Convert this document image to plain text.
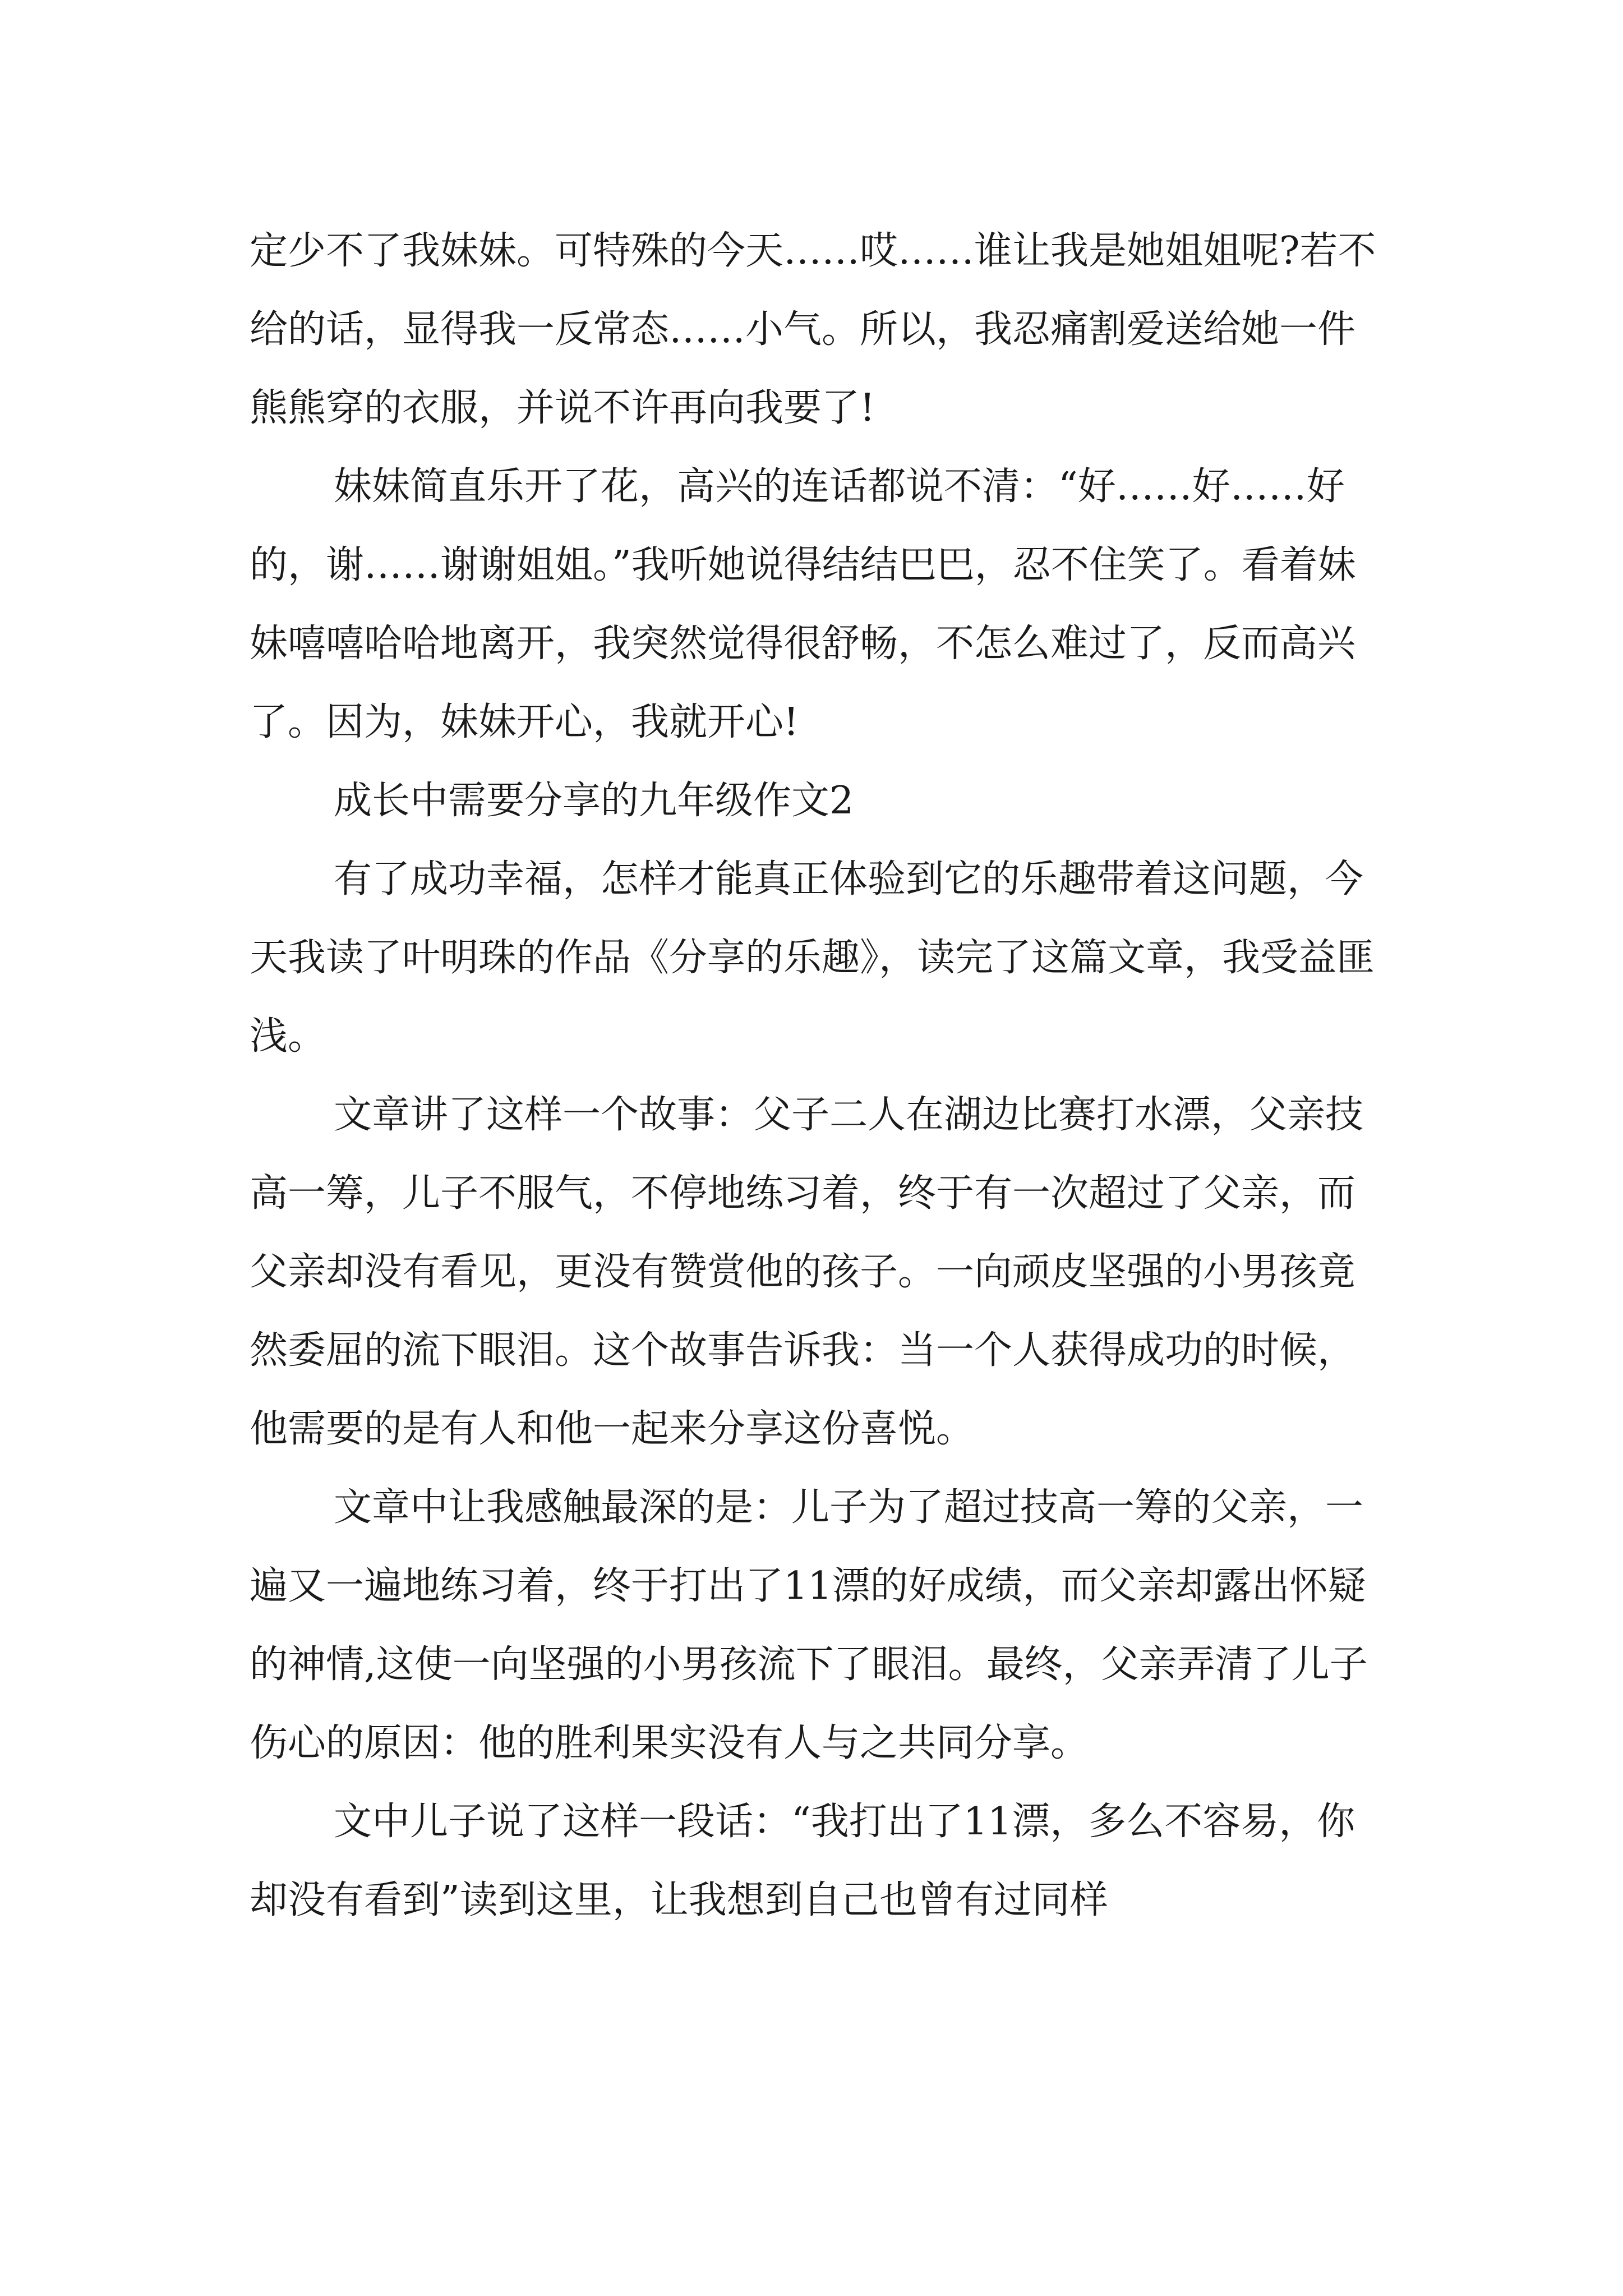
定少不了我妹妹。可特殊的今天……哎……谁让我是她姐姐呢?若不给的话，显得我一反常态……小气。所以，我忍痛割爱送给她一件熊熊穿的衣服，并说不许再向我要了!

妹妹简直乐开了花，高兴的连话都说不清：“好……好……好的，谢……谢谢姐姐。”我听她说得结结巴巴，忍不住笑了。看着妹妹嘻嘻哈哈地离开，我突然觉得很舒畅，不怎么难过了，反而高兴了。因为，妹妹开心，我就开心!

成长中需要分享的九年级作文2

有了成功幸福，怎样才能真正体验到它的乐趣带着这问题，今天我读了叶明珠的作品《分享的乐趣》，读完了这篇文章，我受益匪浅。

文章讲了这样一个故事：父子二人在湖边比赛打水漂，父亲技高一筹，儿子不服气，不停地练习着，终于有一次超过了父亲，而父亲却没有看见，更没有赞赏他的孩子。一向顽皮坚强的小男孩竟然委屈的流下眼泪。这个故事告诉我：当一个人获得成功的时候，他需要的是有人和他一起来分享这份喜悦。

文章中让我感触最深的是：儿子为了超过技高一筹的父亲，一遍又一遍地练习着，终于打出了11漂的好成绩，而父亲却露出怀疑的神情,这使一向坚强的小男孩流下了眼泪。最终，父亲弄清了儿子伤心的原因：他的胜利果实没有人与之共同分享。

文中儿子说了这样一段话：“我打出了11漂，多么不容易，你却没有看到”读到这里，让我想到自己也曾有过同样
